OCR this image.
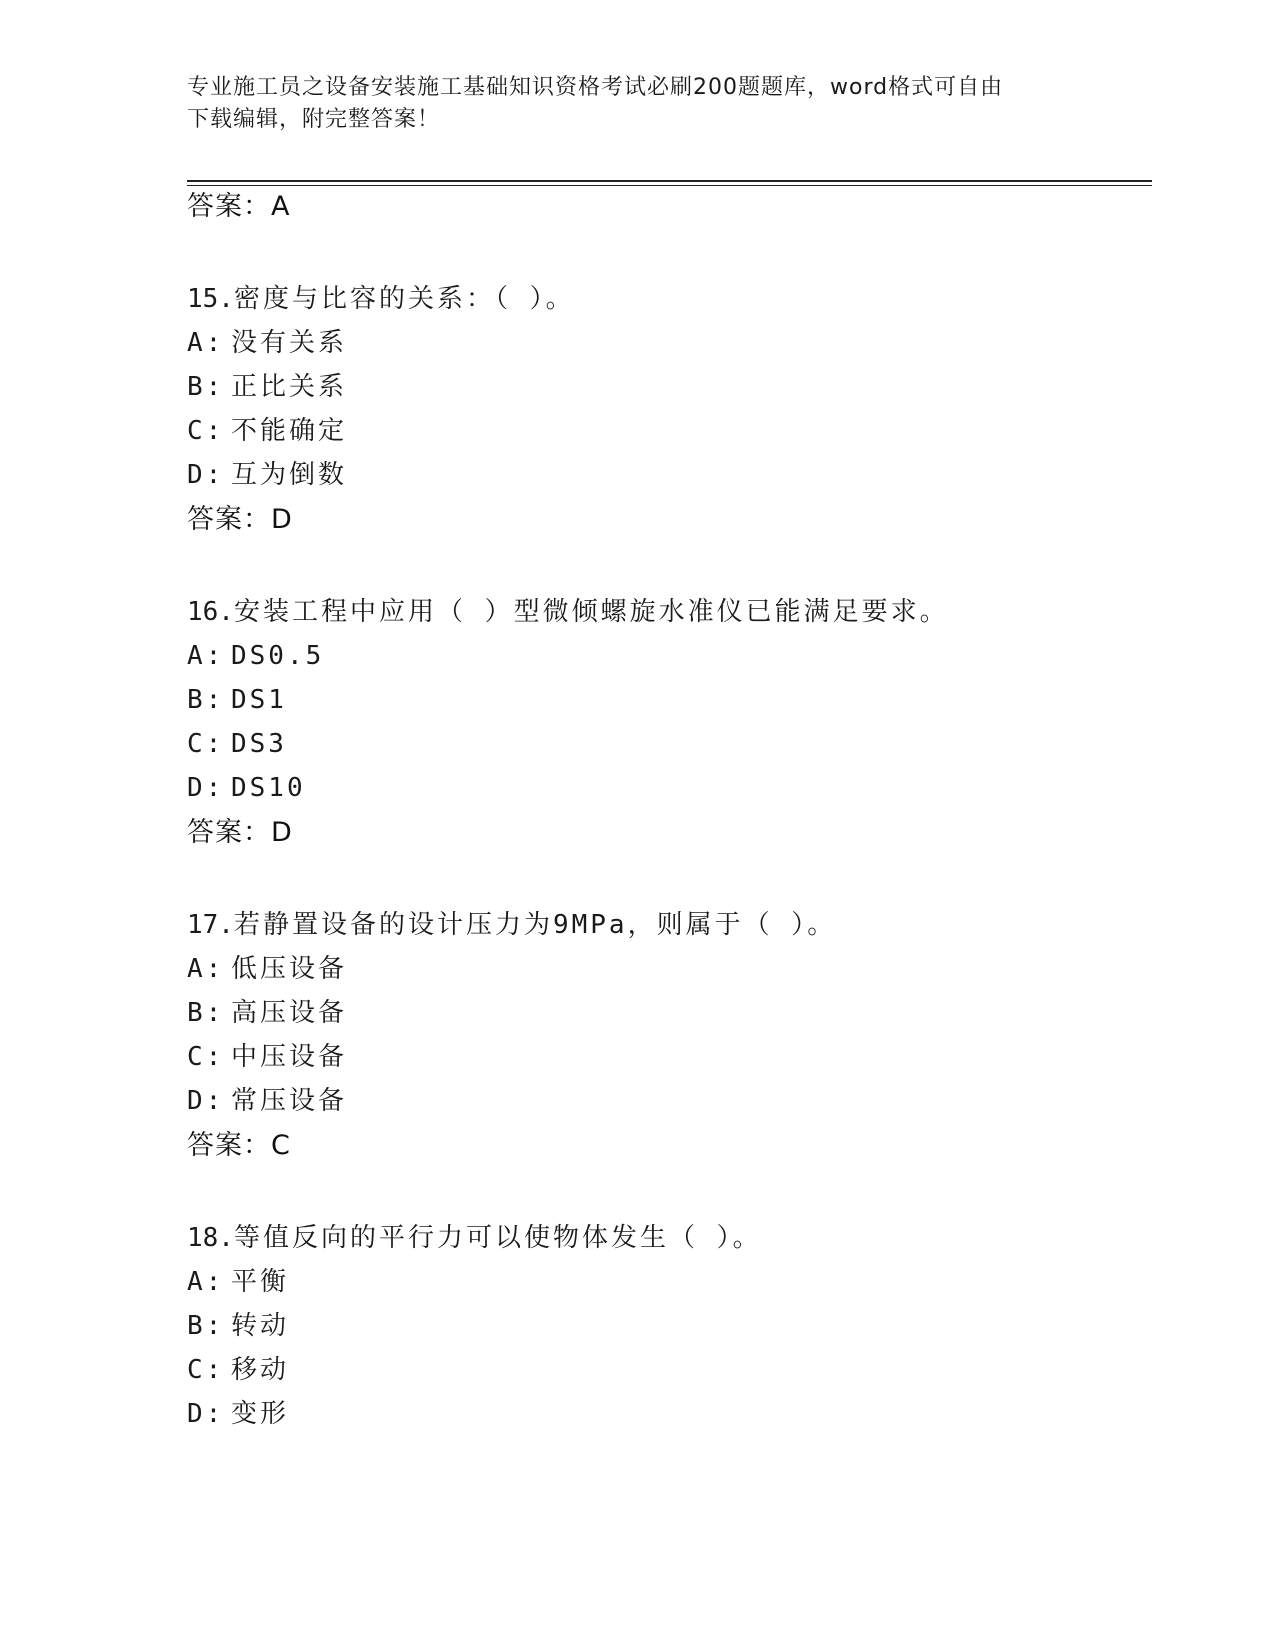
专业施工员之设备安装施工基础知识资格考试必刷200题题库，word格式可自由
下载编辑，附完整答案！
答案：A
15.密度与比容的关系：（ ）。
A: 没有关系
B: 正比关系
C: 不能确定
D: 互为倒数
答案：D
16.安装工程中应用（ ）型微倾螺旋水准仪已能满足要求。
A: DS0.5
B: DS1
C: DS3
D: DS10
答案：D
17.若静置设备的设计压力为9MPa，则属于（ ）。
A: 低压设备
B: 高压设备
C: 中压设备
D: 常压设备
答案：C
18.等值反向的平行力可以使物体发生（ ）。
A: 平衡
B: 转动
C: 移动
D: 变形
